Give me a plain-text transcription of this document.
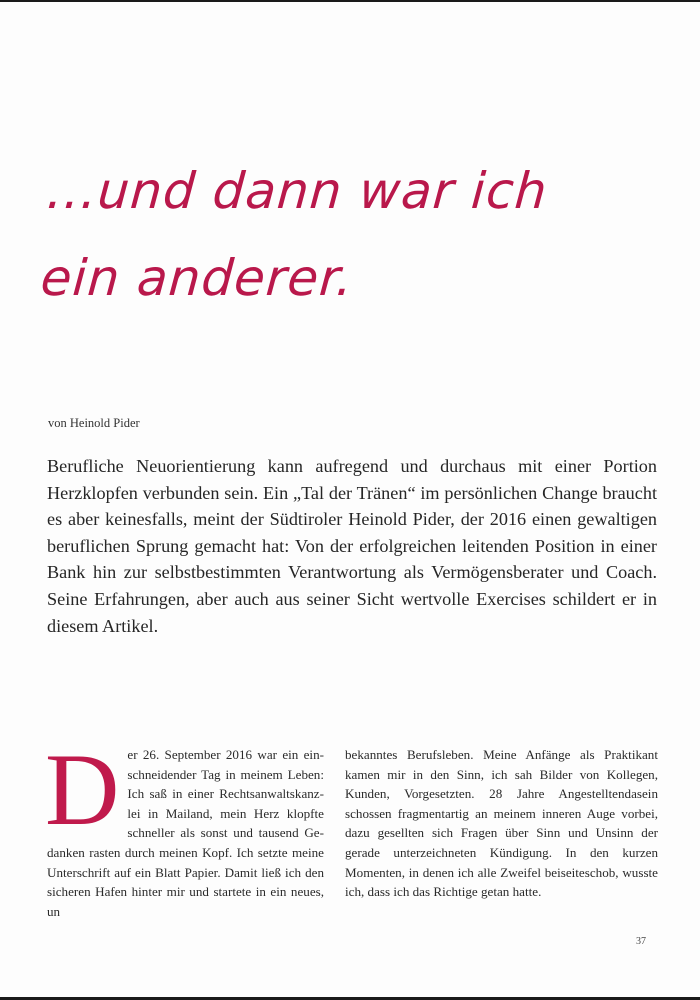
...und dann war ich
ein anderer.
von Heinold Pider

Berufliche Neuorientierung kann aufregend und durchaus mit einer Portion Herzklopfen verbunden sein. Ein „Tal der Tränen“ im persönlichen Change braucht es aber keinesfalls, meint der Südtiroler Heinold Pider, der 2016 einen gewaltigen beruflichen Sprung gemacht hat: Von der erfolgreichen leitenden Position in einer Bank hin zur selbstbestimmten Verantwortung als Vermögensberater und Coach. Seine Erfahrungen, aber auch aus seiner Sicht wertvolle Exercises schildert er in diesem Artikel.

D er 26. September 2016 war ein einschneidender Tag in meinem Leben: Ich saß in einer Rechtsanwaltskanzlei in Mailand, mein Herz klopfte schneller als sonst und tausend Gedanken rasten durch meinen Kopf. Ich setzte meine Unterschrift auf ein Blatt Papier. Damit ließ ich den sicheren Hafen hinter mir und startete in ein neues, un
bekanntes Berufsleben. Meine Anfänge als Praktikant kamen mir in den Sinn, ich sah Bilder von Kollegen, Kunden, Vorgesetzten. 28 Jahre Angestelltendasein schossen fragmentartig an meinem inneren Auge vorbei, dazu gesellten sich Fragen über Sinn und Unsinn der gerade unterzeichneten Kündigung. In den kurzen Momenten, in denen ich alle Zweifel beiseiteschob, wusste ich, dass ich das Richtige getan hatte.
37
